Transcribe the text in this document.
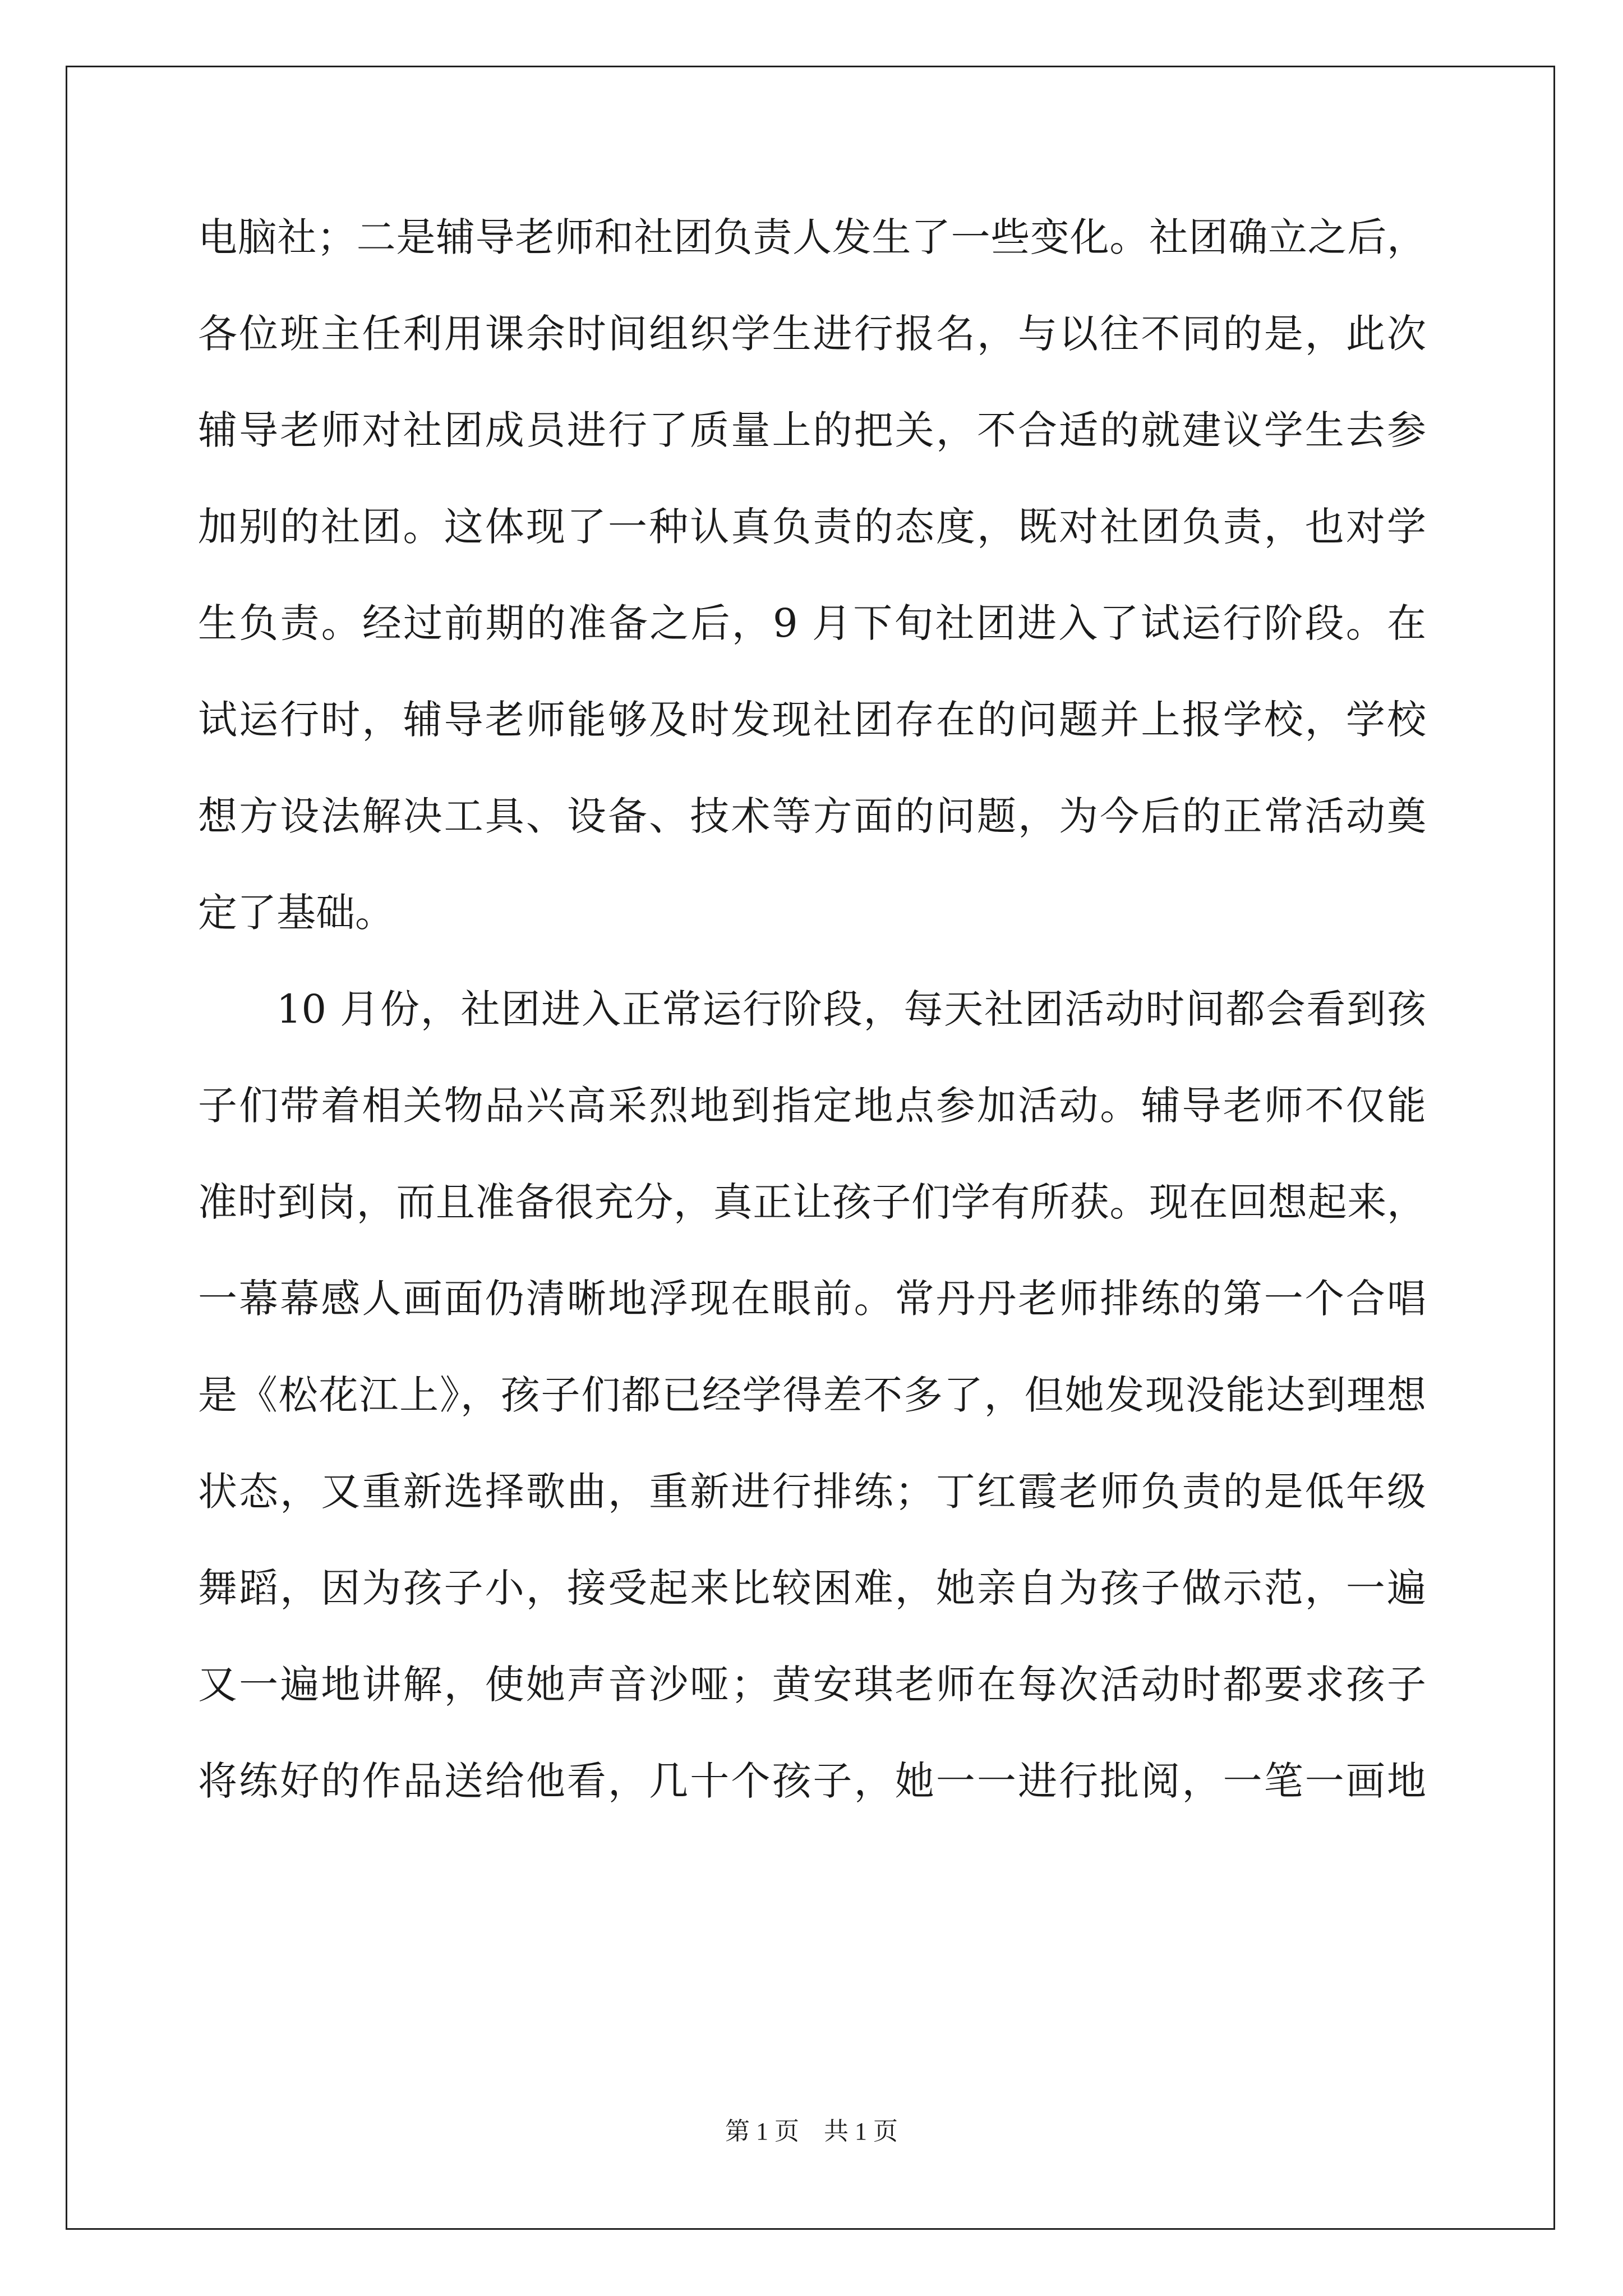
电脑社；二是辅导老师和社团负责人发生了一些变化。社团确立之后，
各位班主任利用课余时间组织学生进行报名，与以往不同的是，此次
辅导老师对社团成员进行了质量上的把关，不合适的就建议学生去参
加别的社团。这体现了一种认真负责的态度，既对社团负责，也对学
生负责。经过前期的准备之后，9 月下旬社团进入了试运行阶段。在
试运行时，辅导老师能够及时发现社团存在的问题并上报学校，学校
想方设法解决工具、设备、技术等方面的问题，为今后的正常活动奠
定了基础。
10 月份，社团进入正常运行阶段，每天社团活动时间都会看到孩
子们带着相关物品兴高采烈地到指定地点参加活动。辅导老师不仅能
准时到岗，而且准备很充分，真正让孩子们学有所获。现在回想起来，
一幕幕感人画面仍清晰地浮现在眼前。常丹丹老师排练的第一个合唱
是《松花江上》，孩子们都已经学得差不多了，但她发现没能达到理想
状态，又重新选择歌曲，重新进行排练；丁红霞老师负责的是低年级
舞蹈，因为孩子小，接受起来比较困难，她亲自为孩子做示范，一遍
又一遍地讲解，使她声音沙哑；黄安琪老师在每次活动时都要求孩子
将练好的作品送给他看，几十个孩子，她一一进行批阅，一笔一画地
第 1 页　共 1 页
